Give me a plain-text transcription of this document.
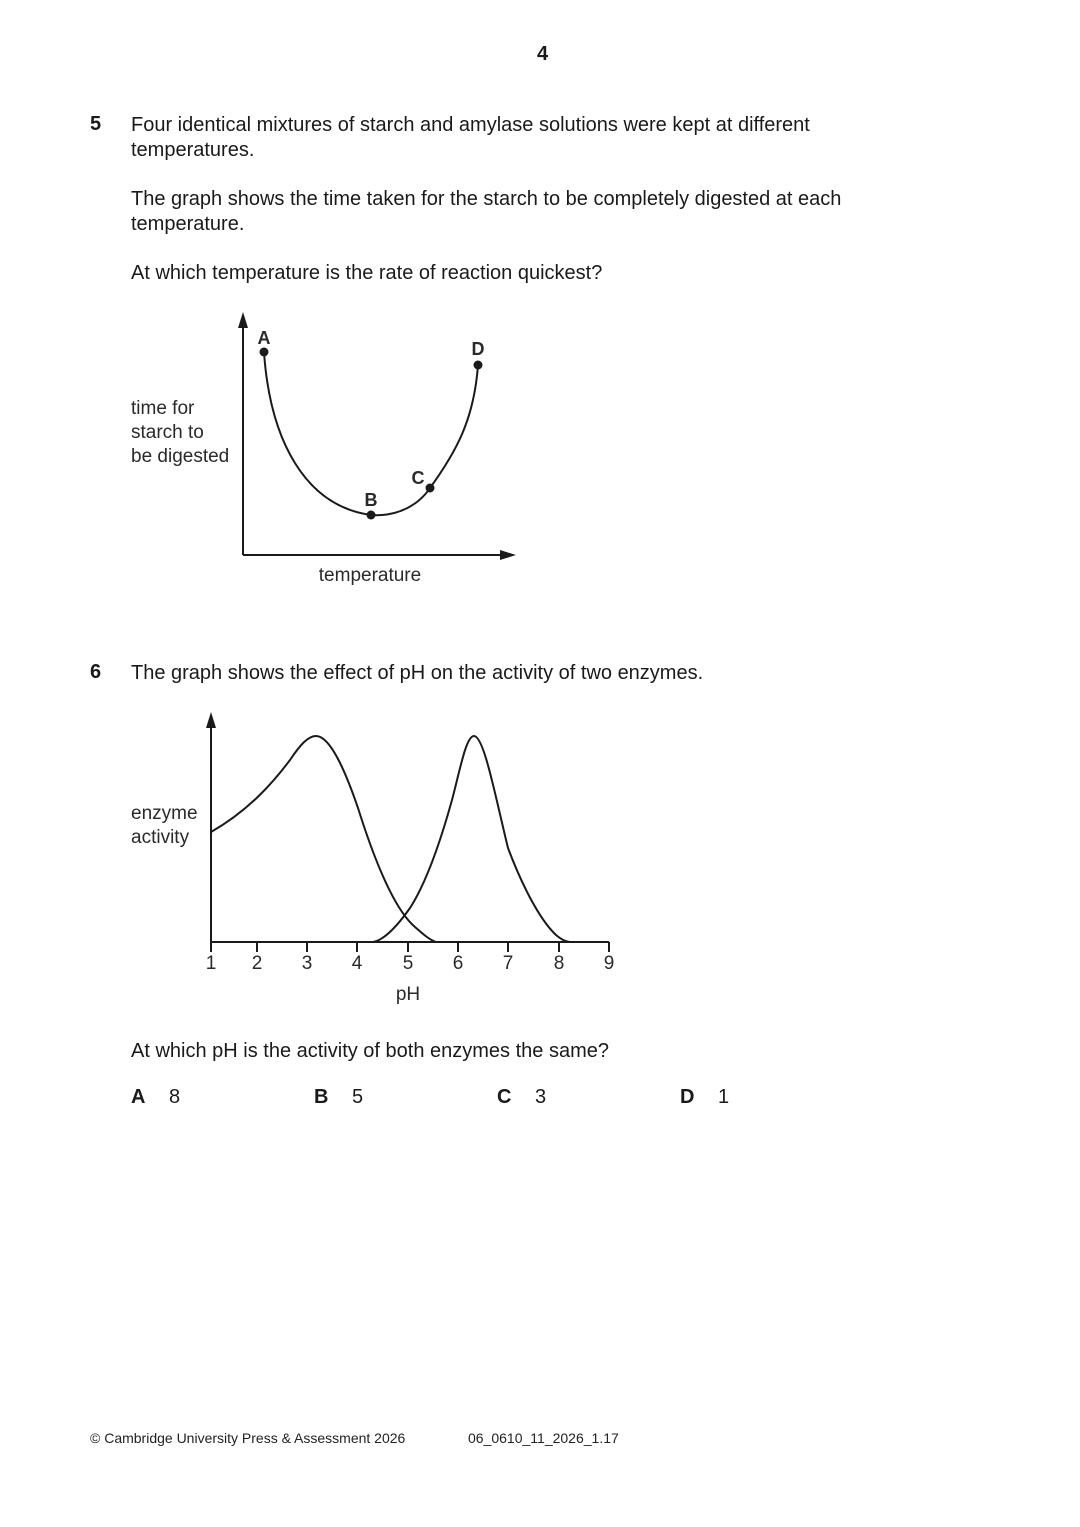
4
5 Four identical mixtures of starch and amylase solutions were kept at different temperatures.
The graph shows the time taken for the starch to be completely digested at each temperature.
At which temperature is the rate of reaction quickest?
time for
starch to
be digested
A
B
C
D
temperature
1 2 3 4 5 6 7 8 9
pH
6 The graph shows the effect of pH on the activity of two enzymes.
enzyme
activity
At which pH is the activity of both enzymes the same?
A 8	B 5	C 3	D 1
© Cambridge University Press & Assessment 2026	06_0610_11_2026_1.17
